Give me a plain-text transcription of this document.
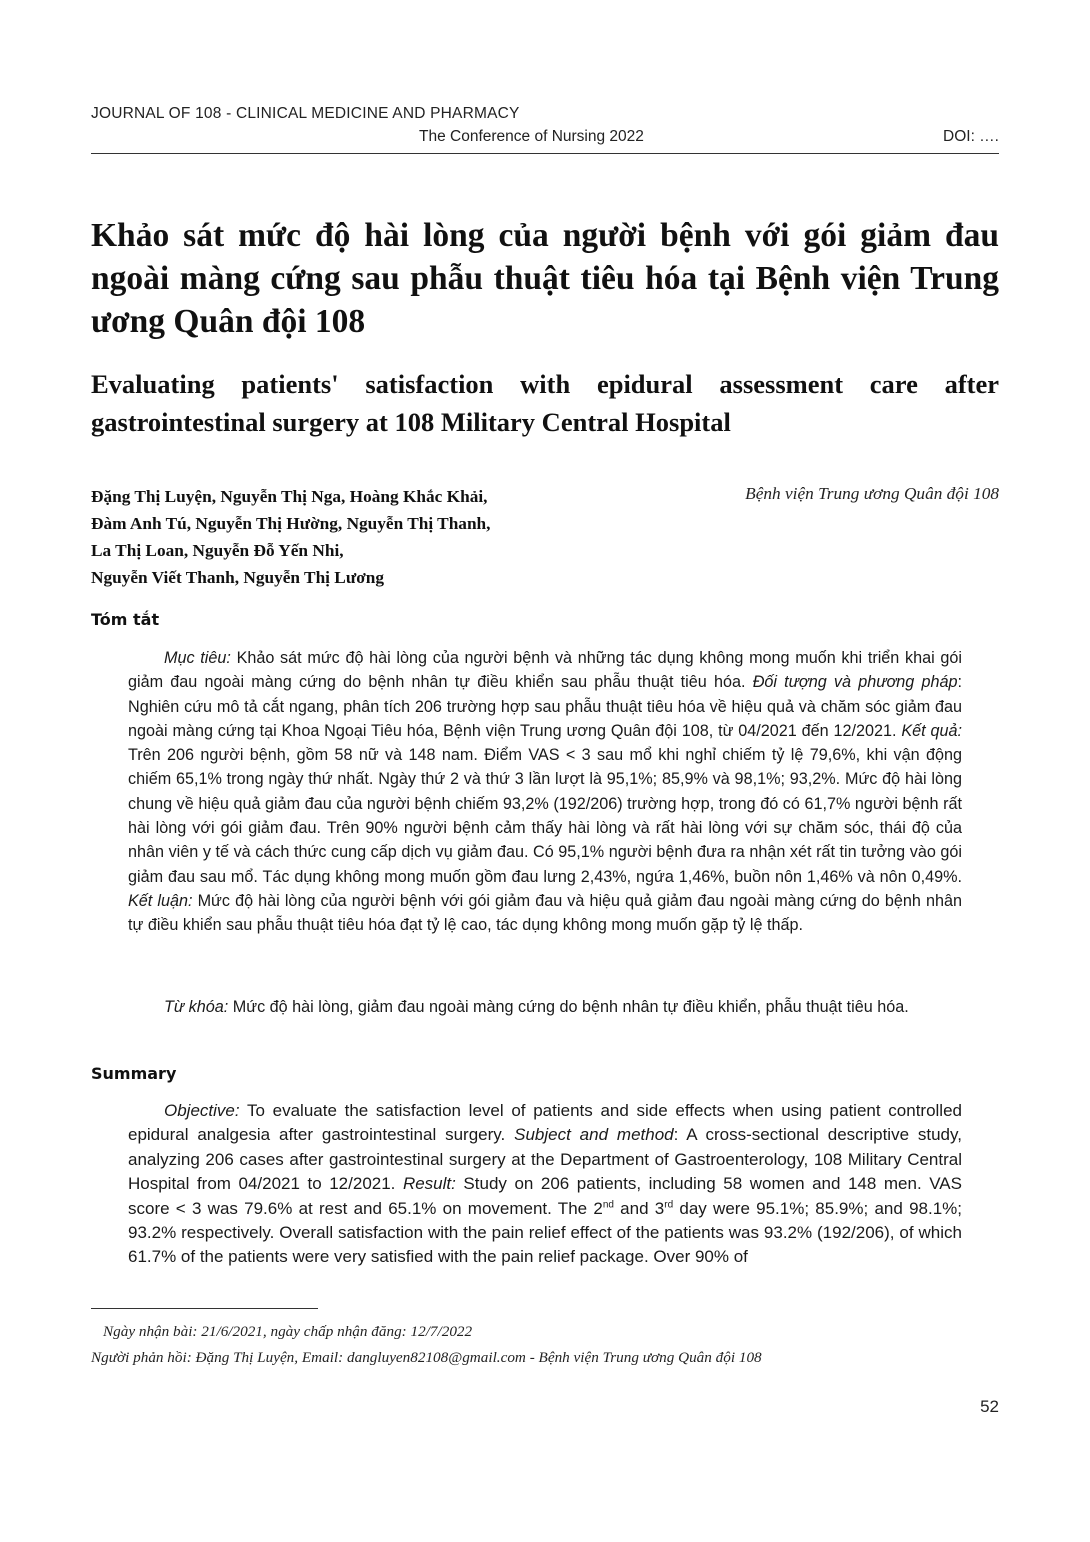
JOURNAL OF 108 - CLINICAL MEDICINE AND PHARMACY
The Conference of Nursing 2022	DOI: ….
Khảo sát mức độ hài lòng của người bệnh với gói giảm đau ngoài màng cứng sau phẫu thuật tiêu hóa tại Bệnh viện Trung ương Quân đội 108
Evaluating patients' satisfaction with epidural assessment care after gastrointestinal surgery at 108 Military Central Hospital
Đặng Thị Luyện, Nguyễn Thị Nga, Hoàng Khắc Khải,
Đàm Anh Tú, Nguyễn Thị Hường, Nguyễn Thị Thanh,
La Thị Loan, Nguyễn Đỗ Yến Nhi,
Nguyễn Viết Thanh, Nguyễn Thị Lương
Bệnh viện Trung ương Quân đội 108
Tóm tắt

Mục tiêu: Khảo sát mức độ hài lòng của người bệnh và những tác dụng không mong muốn khi triển khai gói giảm đau ngoài màng cứng do bệnh nhân tự điều khiển sau phẫu thuật tiêu hóa. Đối tượng và phương pháp: Nghiên cứu mô tả cắt ngang, phân tích 206 trường hợp sau phẫu thuật tiêu hóa về hiệu quả và chăm sóc giảm đau ngoài màng cứng tại Khoa Ngoại Tiêu hóa, Bệnh viện Trung ương Quân đội 108, từ 04/2021 đến 12/2021. Kết quả: Trên 206 người bệnh, gồm 58 nữ và 148 nam. Điểm VAS < 3 sau mổ khi nghỉ chiếm tỷ lệ 79,6%, khi vận động chiếm 65,1% trong ngày thứ nhất. Ngày thứ 2 và thứ 3 lần lượt là 95,1%; 85,9% và 98,1%; 93,2%. Mức độ hài lòng chung về hiệu quả giảm đau của người bệnh chiếm 93,2% (192/206) trường hợp, trong đó có 61,7% người bệnh rất hài lòng với gói giảm đau. Trên 90% người bệnh cảm thấy hài lòng và rất hài lòng với sự chăm sóc, thái độ của nhân viên y tế và cách thức cung cấp dịch vụ giảm đau. Có 95,1% người bệnh đưa ra nhận xét rất tin tưởng vào gói giảm đau sau mổ. Tác dụng không mong muốn gồm đau lưng 2,43%, ngứa 1,46%, buồn nôn 1,46% và nôn 0,49%. Kết luận: Mức độ hài lòng của người bệnh với gói giảm đau và hiệu quả giảm đau ngoài màng cứng do bệnh nhân tự điều khiển sau phẫu thuật tiêu hóa đạt tỷ lệ cao, tác dụng không mong muốn gặp tỷ lệ thấp.

Từ khóa: Mức độ hài lòng, giảm đau ngoài màng cứng do bệnh nhân tự điều khiển, phẫu thuật tiêu hóa.

Summary

Objective: To evaluate the satisfaction level of patients and side effects when using patient controlled epidural analgesia after gastrointestinal surgery. Subject and method: A cross-sectional descriptive study, analyzing 206 cases after gastrointestinal surgery at the Department of Gastroenterology, 108 Military Central Hospital from 04/2021 to 12/2021. Result: Study on 206 patients, including 58 women and 148 men. VAS score < 3 was 79.6% at rest and 65.1% on movement. The 2nd and 3rd day were 95.1%; 85.9%; and 98.1%; 93.2% respectively. Overall satisfaction with the pain relief effect of the patients was 93.2% (192/206), of which 61.7% of the patients were very satisfied with the pain relief package. Over 90% of

Ngày nhận bài: 21/6/2021, ngày chấp nhận đăng: 12/7/2022
Người phản hồi: Đặng Thị Luyện, Email: dangluyen82108@gmail.com - Bệnh viện Trung ương Quân đội 108
52
